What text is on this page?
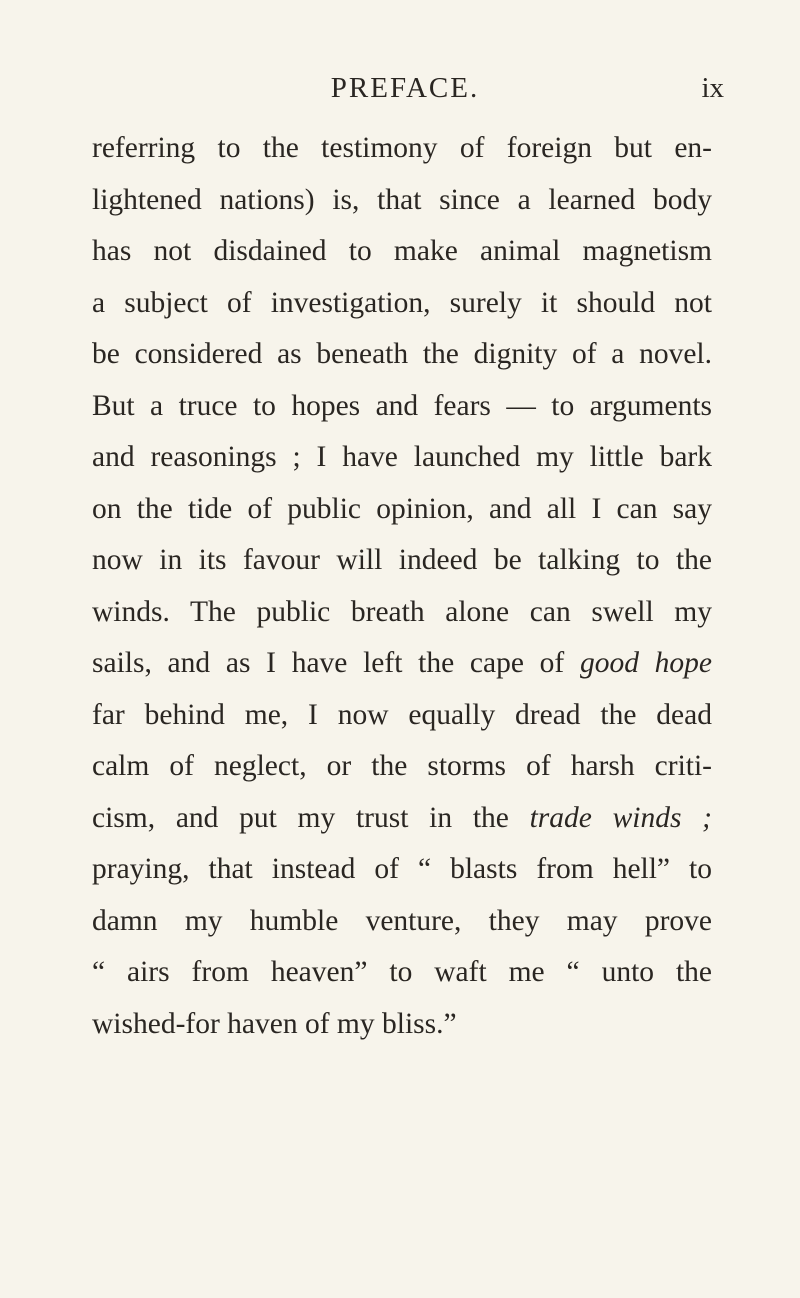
PREFACE.	ix
referring to the testimony of foreign but en-
lightened nations) is, that since a learned body
has not disdained to make animal magnetism
a subject of investigation, surely it should not
be considered as beneath the dignity of a novel.
But a truce to hopes and fears — to arguments
and reasonings ; I have launched my little bark
on the tide of public opinion, and all I can say
now in its favour will indeed be talking to the
winds. The public breath alone can swell my
sails, and as I have left the cape of good hope
far behind me, I now equally dread the dead
calm of neglect, or the storms of harsh criti-
cism, and put my trust in the trade winds ;
praying, that instead of “ blasts from hell” to
damn my humble venture, they may prove
“ airs from heaven” to waft me “ unto the
wished-for haven of my bliss.”
